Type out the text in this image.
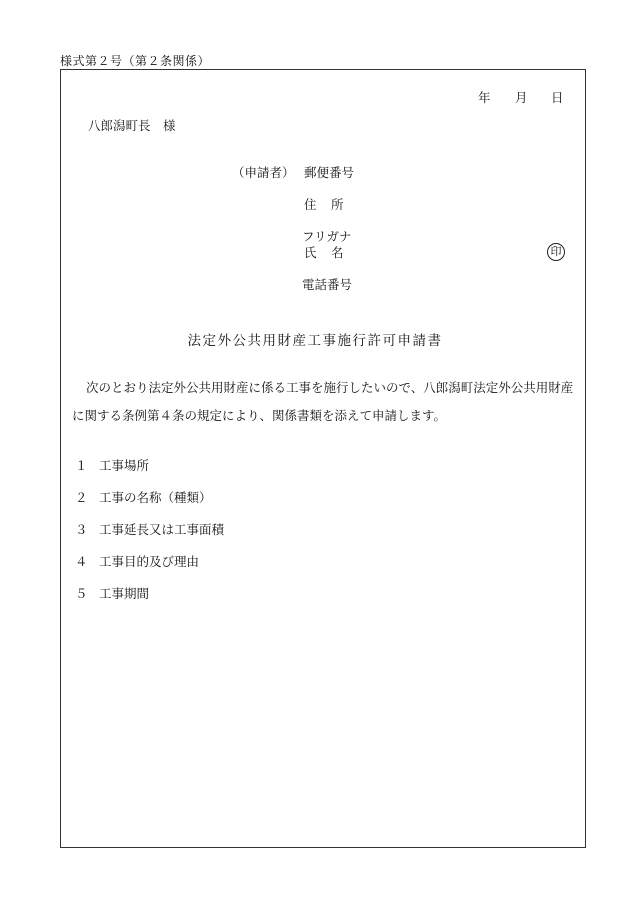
様式第２号（第２条関係）
年 月 日
八郎潟町長　様
（申請者） 郵便番号
住　所
フリガナ
氏　名	印
電話番号
法定外公共用財産工事施行許可申請書

次のとおり法定外公共用財産に係る工事を施行したいので、八郎潟町法定外公共用財産

に関する条例第４条の規定により、関係書類を添えて申請します。

１ 工事場所
２ 工事の名称（種類）
３ 工事延長又は工事面積
４ 工事目的及び理由
５ 工事期間
